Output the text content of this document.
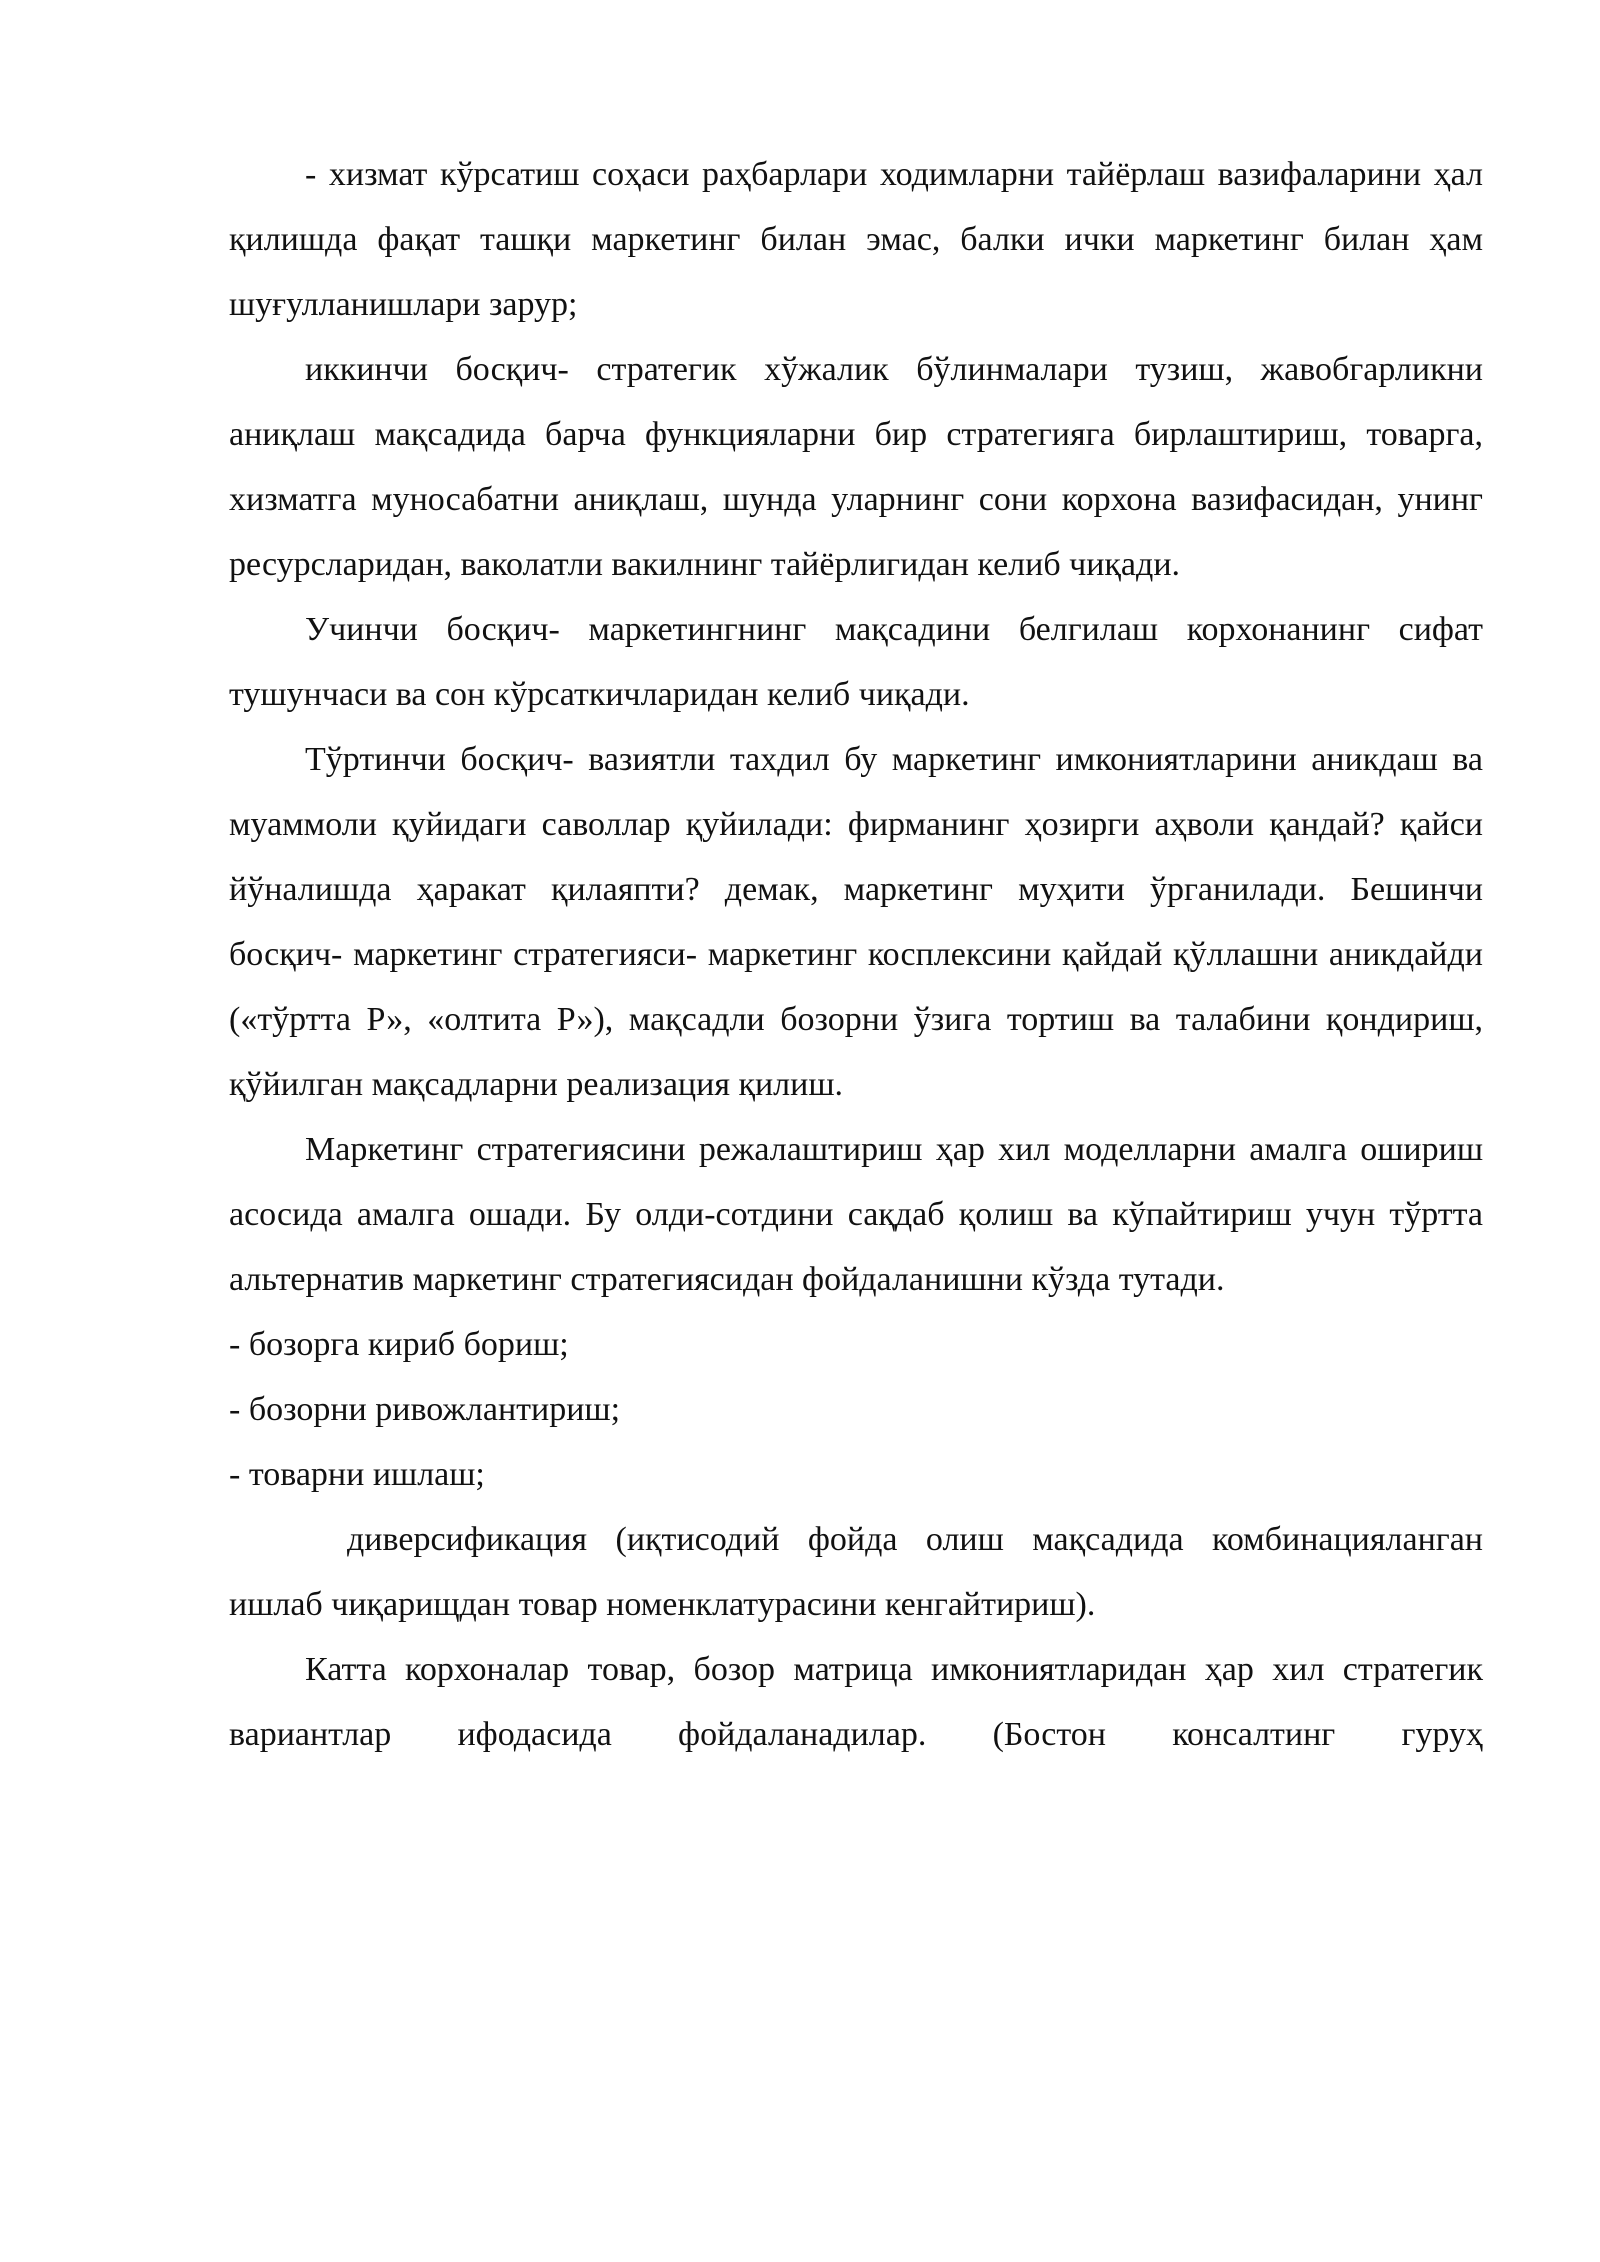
- хизмат кўрсатиш соҳаси раҳбарлари ходимларни тайёрлаш вазифаларини ҳал қилишда фақат ташқи маркетинг билан эмас, балки ички маркетинг билан ҳам шуғулланишлари зарур;

иккинчи босқич- стратегик хўжалик бўлинмалари тузиш, жавобгарликни аниқлаш мақсадида барча функцияларни бир стратегияга бирлаштириш, товарга, хизматга муносабатни аниқлаш, шунда уларнинг сони корхона вазифасидан, унинг ресурсларидан, ваколатли вакилнинг тайёрлигидан келиб чиқади.

Учинчи босқич- маркетингнинг мақсадини белгилаш корхонанинг сифат тушунчаси ва сон кўрсаткичларидан келиб чиқади.

Тўртинчи босқич- вазиятли тахдил бу маркетинг имкониятларини аникдаш ва муаммоли қуйидаги саволлар қуйилади: фирманинг ҳозирги аҳволи қандай? қайси йўналишда ҳаракат қилаяпти? демак, маркетинг муҳити ўрганилади. Бешинчи босқич- маркетинг стратегияси- маркетинг косплексини қайдай қўллашни аникдайди («тўртта Р», «олтита Р»), мақсадли бозорни ўзига тортиш ва талабини қондириш, қўйилган мақсадларни реализация қилиш.

Маркетинг стратегиясини режалаштириш ҳар хил моделларни амалга ошириш асосида амалга ошади. Бу олди-сотдини сақдаб қолиш ва кўпайтириш учун тўртта альтернатив маркетинг стратегиясидан фойдаланишни кўзда тутади.

- бозорга кириб бориш;

- бозорни ривожлантириш;

- товарни ишлаш;

диверсификация (иқтисодий фойда олиш мақсадида комбинацияланган ишлаб чиқарищдан товар номенклатурасини кенгайтириш).

Катта корхоналар товар, бозор матрица имкониятларидан ҳар хил стратегик вариантлар ифодасида фойдаланадилар. (Бостон консалтинг гуруҳ
